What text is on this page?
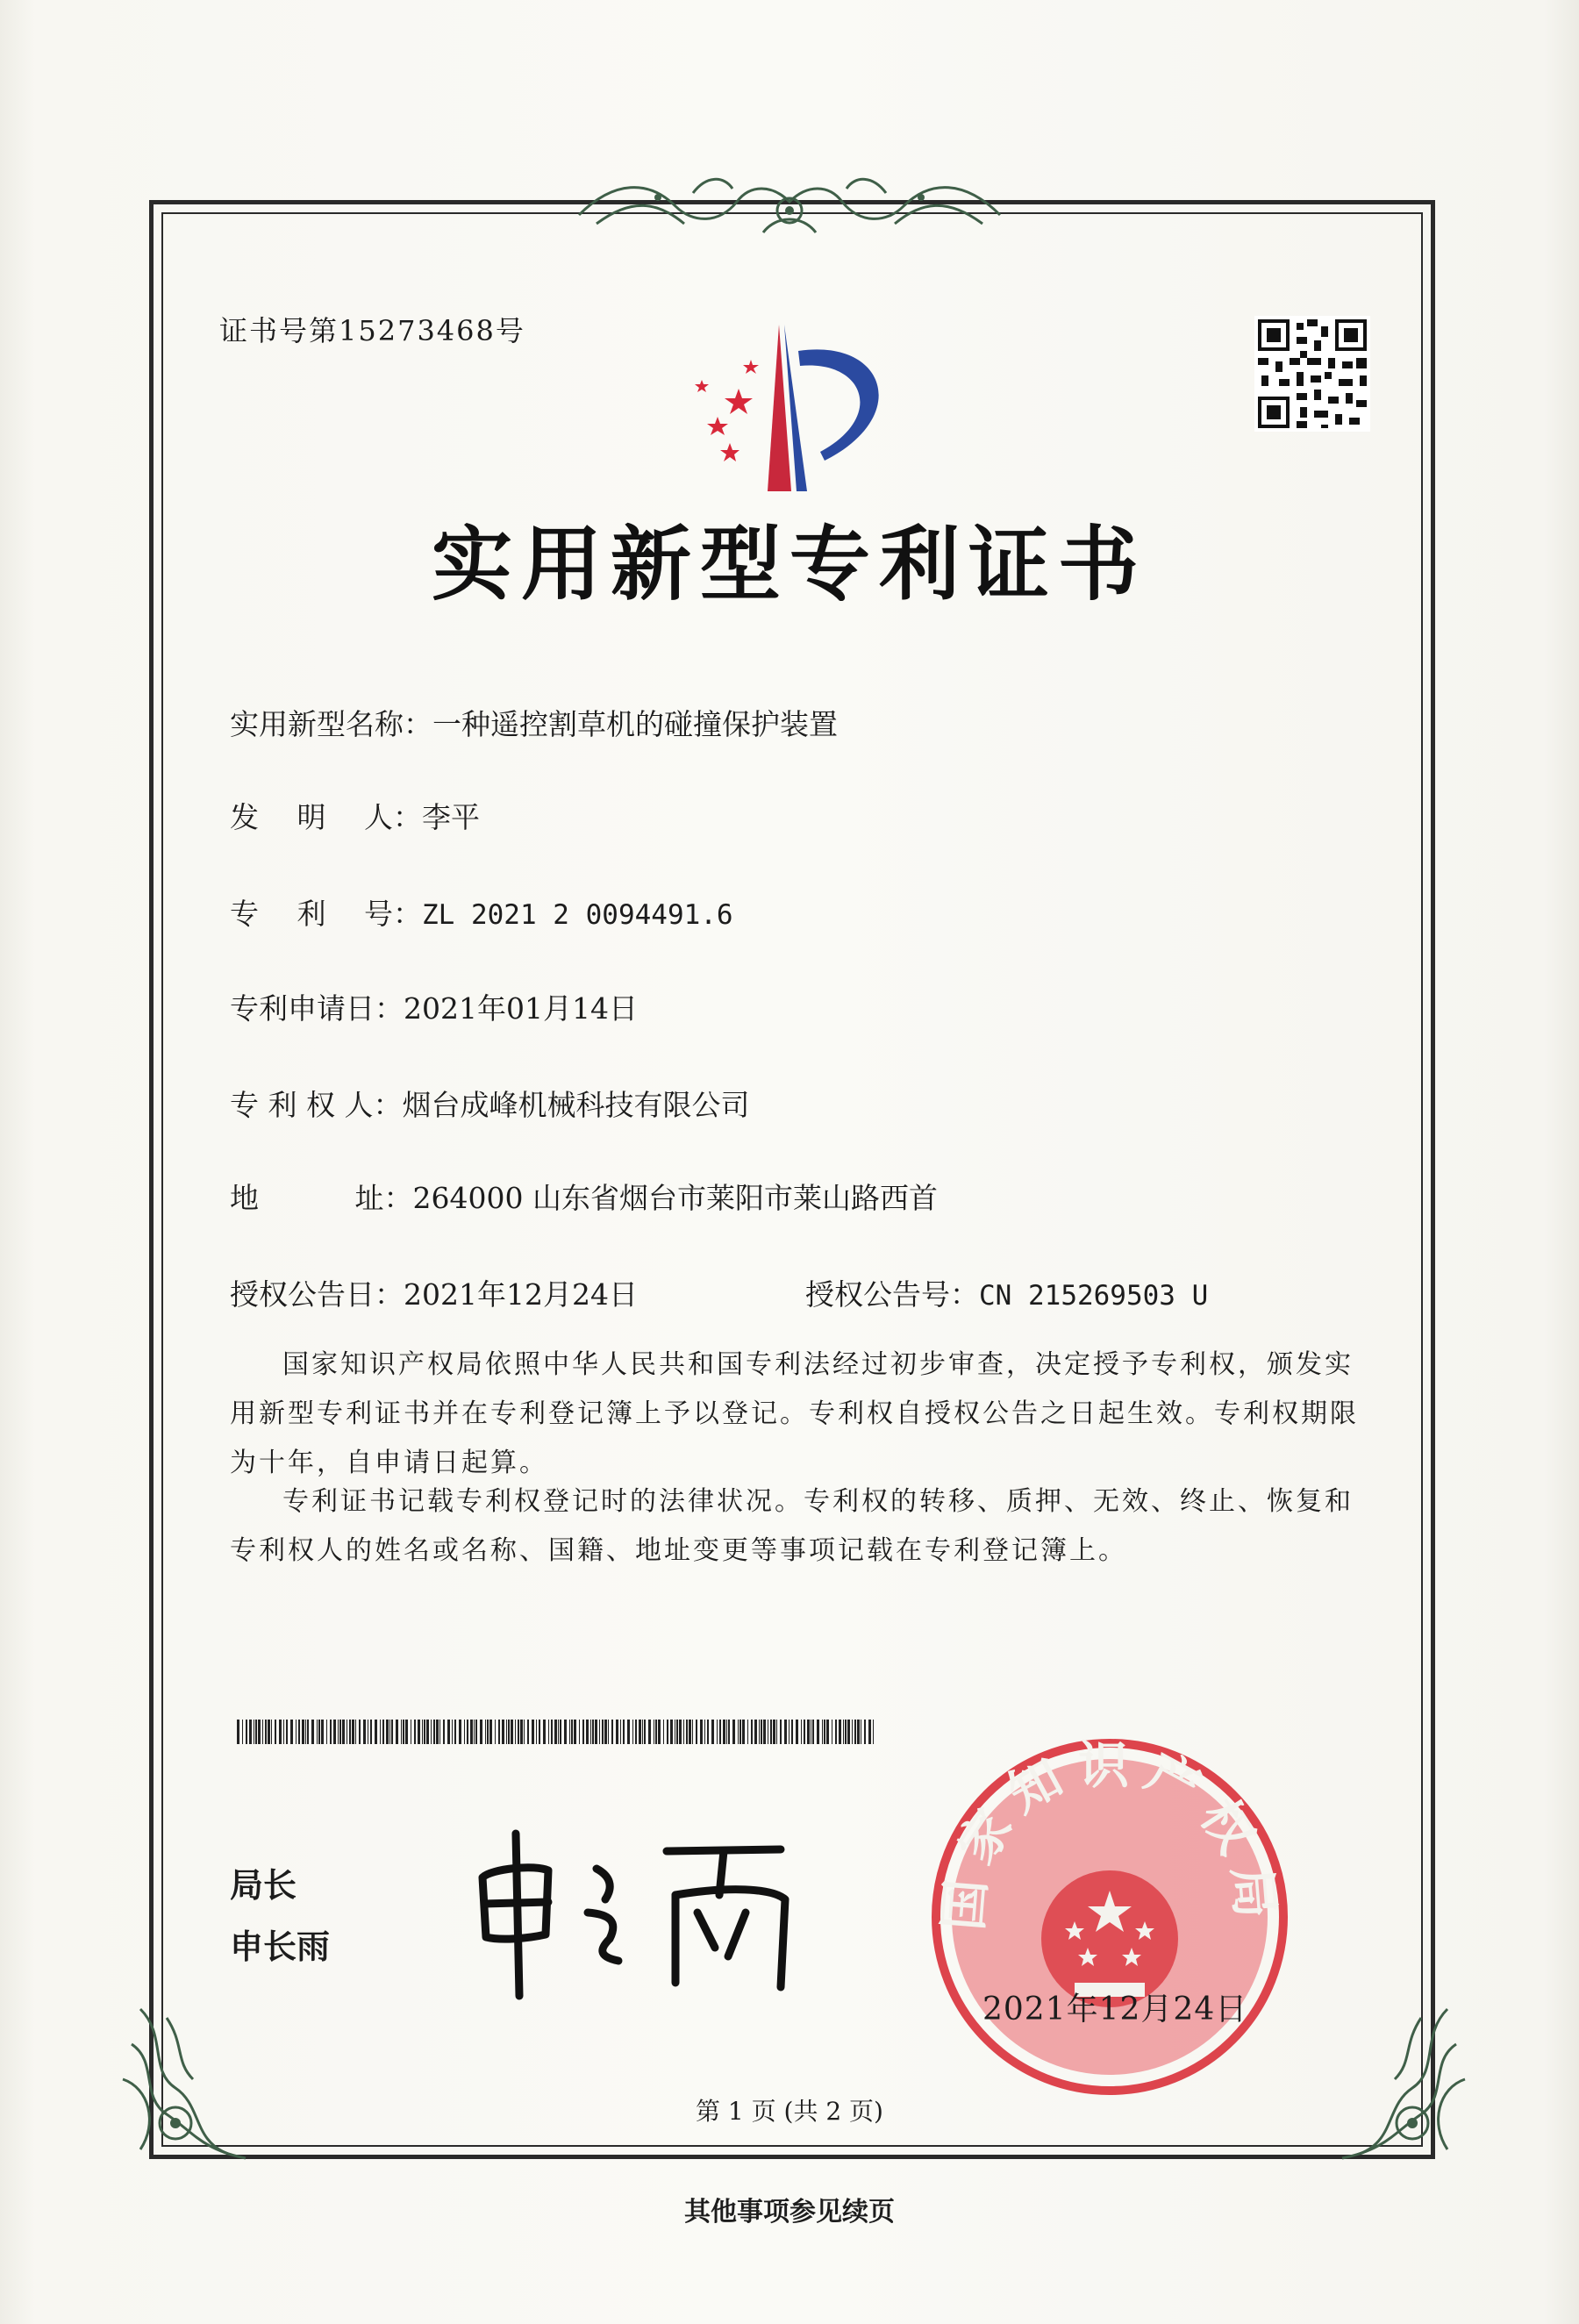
证书号第15273468号
实用新型专利证书
实用新型名称：一种遥控割草机的碰撞保护装置
发　 明　 人：李平
专　 利　 号：ZL 2021 2 0094491.6
专利申请日：2021年01月14日
专 利 权 人：烟台成峰机械科技有限公司
地　　　 址：264000 山东省烟台市莱阳市莱山路西首
授权公告日：2021年12月24日	授权公告号：CN 215269503 U
国家知识产权局依照中华人民共和国专利法经过初步审查，决定授予专利权，颁发实用新型专利证书并在专利登记簿上予以登记。专利权自授权公告之日起生效。专利权期限为十年，自申请日起算。
专利证书记载专利权登记时的法律状况。专利权的转移、质押、无效、终止、恢复和专利权人的姓名或名称、国籍、地址变更等事项记载在专利登记簿上。
局长
申长雨
国家知识产权局
2021年12月24日
第 1 页 (共 2 页)
其他事项参见续页
